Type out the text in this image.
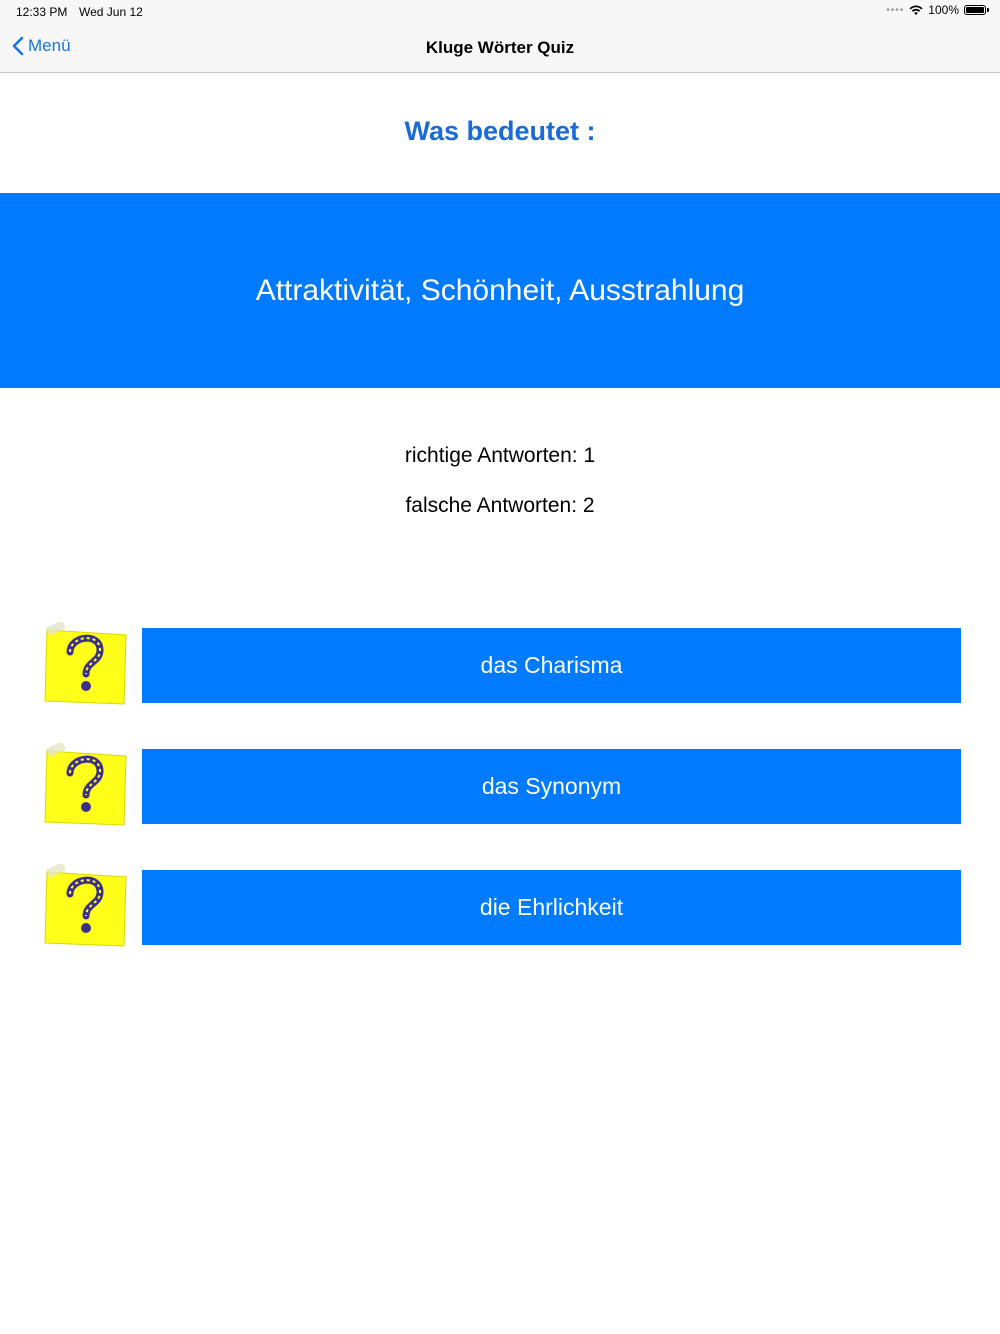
12:33 PM Wed Jun 12	•••• 100%
Menü	Kluge Wörter Quiz
Was bedeutet :
Attraktivität, Schönheit, Ausstrahlung
richtige Antworten: 1
falsche Antworten: 2
das Charisma
das Synonym
die Ehrlichkeit
